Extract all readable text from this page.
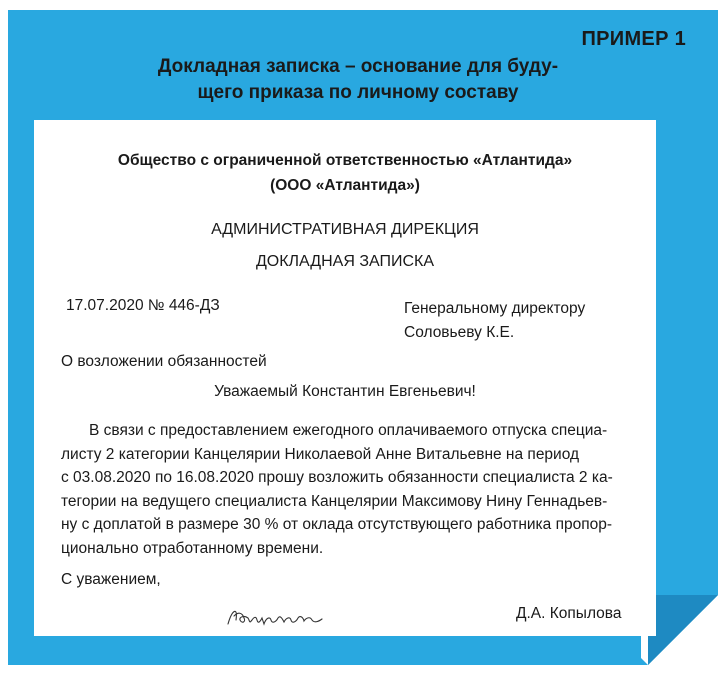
ПРИМЕР 1
Докладная записка – основание для буду-
щего приказа по личному составу
Общество с ограниченной ответственностью «Атлантида»
(ООО «Атлантида»)
АДМИНИСТРАТИВНАЯ ДИРЕКЦИЯ
ДОКЛАДНАЯ ЗАПИСКА
17.07.2020 № 446-ДЗ	Генеральному директору
Соловьеву К.Е.
О возложении обязанностей
Уважаемый Константин Евгеньевич!
В связи с предоставлением ежегодного оплачиваемого отпуска специа-
листу 2 категории Канцелярии Николаевой Анне Витальевне на период
с 03.08.2020 по 16.08.2020 прошу возложить обязанности специалиста 2 ка-
тегории на ведущего специалиста Канцелярии Максимову Нину Геннадьев-
ну с доплатой в размере 30 % от оклада отсутствующего работника пропор-
ционально отработанному времени.
С уважением,
Д.А. Копылова
